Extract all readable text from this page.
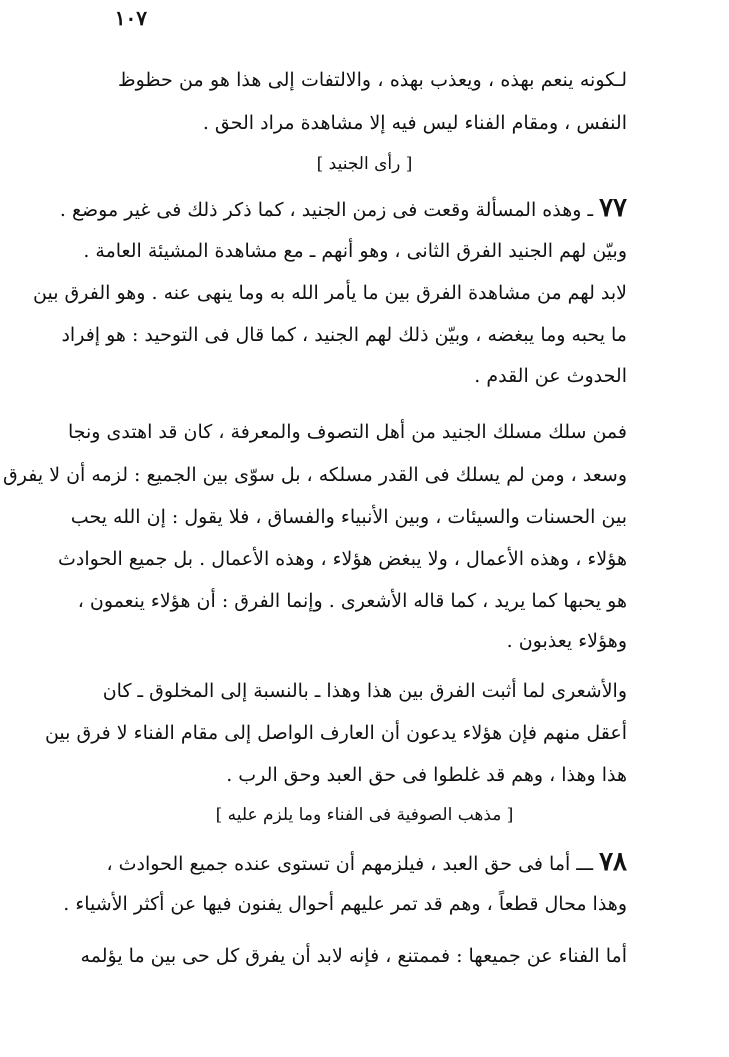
١٠٧
لـكونه ينعم بهذه ، ويعذب بهذه ، والالتفات إلى هذا هو من حظوظ
النفس ، ومقام الفناء ليس فيه إلا مشاهدة مراد الحق .
[ رأى الجنيد ]
٧٧ ـ وهذه المسألة وقعت فى زمن الجنيد ، كما ذكر ذلك فى غير موضع .
وبيّن لهم الجنيد الفرق الثانى ، وهو أنهم ـ مع مشاهدة المشيئة العامة .
لابد لهم من مشاهدة الفرق بين ما يأمر الله به وما ينهى عنه . وهو الفرق بين
ما يحبه وما يبغضه ، وبيّن ذلك لهم الجنيد ، كما قال فى التوحيد : هو إفراد
الحدوث عن القدم .
فمن سلك مسلك الجنيد من أهل التصوف والمعرفة ، كان قد اهتدى ونجا
وسعد ، ومن لم يسلك فى القدر مسلكه ، بل سوّى بين الجميع : لزمه أن لا يفرق
بين الحسنات والسيئات ، وبين الأنبياء والفساق ، فلا يقول : إن الله يحب
هؤلاء ، وهذه الأعمال ، ولا يبغض هؤلاء ، وهذه الأعمال . بل جميع الحوادث
هو يحبها كما يريد ، كما قاله الأشعرى . وإنما الفرق : أن هؤلاء ينعمون ،
وهؤلاء يعذبون .
والأشعرى لما أثبت الفرق بين هذا وهذا ـ بالنسبة إلى المخلوق ـ كان
أعقل منهم فإن هؤلاء يدعون أن العارف الواصل إلى مقام الفناء لا فرق بين
هذا وهذا ، وهم قد غلطوا فى حق العبد وحق الرب .
[ مذهب الصوفية فى الفناء وما يلزم عليه ]
٧٨ ـــ أما فى حق العبد ، فيلزمهم أن تستوى عنده جميع الحوادث ،
وهذا محال قطعاً ، وهم قد تمر عليهم أحوال يفنون فيها عن أكثر الأشياء .
أما الفناء عن جميعها : فممتنع ، فإنه لابد أن يفرق كل حى بين ما يؤلمه
